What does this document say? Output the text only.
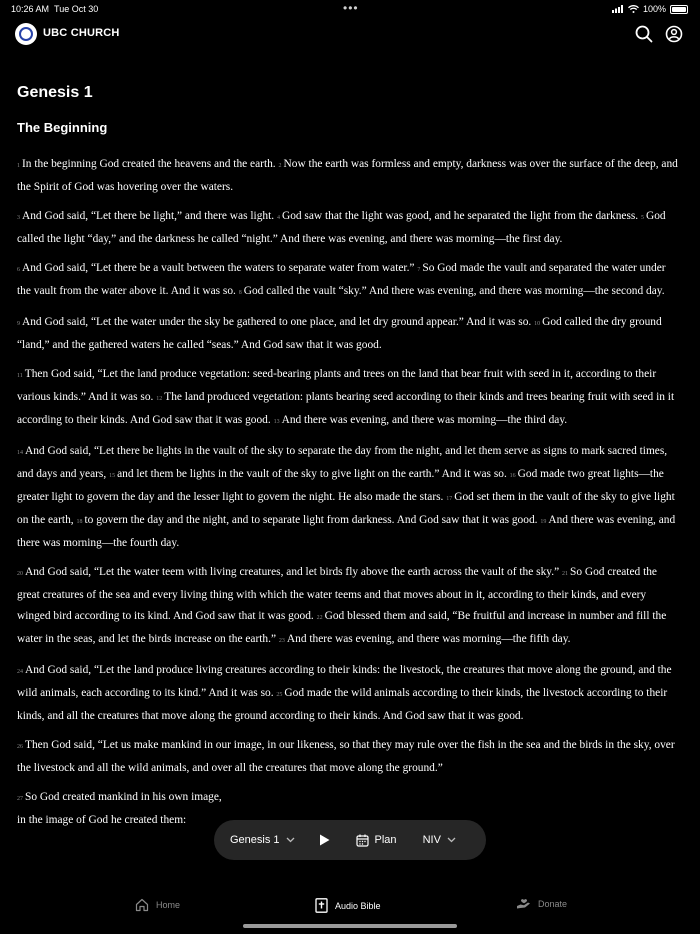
10:26 AM Tue Oct 30	•••	100%
UBC CHURCH
Genesis 1
The Beginning

1 In the beginning God created the heavens and the earth. 2 Now the earth was formless and empty, darkness was over the surface of the deep, and the Spirit of God was hovering over the waters.

3 And God said, “Let there be light,” and there was light. 4 God saw that the light was good, and he separated the light from the darkness. 5 God called the light “day,” and the darkness he called “night.” And there was evening, and there was morning—the first day.

6 And God said, “Let there be a vault between the waters to separate water from water.” 7 So God made the vault and separated the water under the vault from the water above it. And it was so. 8 God called the vault “sky.” And there was evening, and there was morning—the second day.

9 And God said, “Let the water under the sky be gathered to one place, and let dry ground appear.” And it was so. 10 God called the dry ground “land,” and the gathered waters he called “seas.” And God saw that it was good.

11 Then God said, “Let the land produce vegetation: seed-bearing plants and trees on the land that bear fruit with seed in it, according to their various kinds.” And it was so. 12 The land produced vegetation: plants bearing seed according to their kinds and trees bearing fruit with seed in it according to their kinds. And God saw that it was good. 13 And there was evening, and there was morning—the third day.

14 And God said, “Let there be lights in the vault of the sky to separate the day from the night, and let them serve as signs to mark sacred times, and days and years, 15 and let them be lights in the vault of the sky to give light on the earth.” And it was so. 16 God made two great lights—the greater light to govern the day and the lesser light to govern the night. He also made the stars. 17 God set them in the vault of the sky to give light on the earth, 18 to govern the day and the night, and to separate light from darkness. And God saw that it was good. 19 And there was evening, and there was morning—the fourth day.

20 And God said, “Let the water teem with living creatures, and let birds fly above the earth across the vault of the sky.” 21 So God created the great creatures of the sea and every living thing with which the water teems and that moves about in it, according to their kinds, and every winged bird according to its kind. And God saw that it was good. 22 God blessed them and said, “Be fruitful and increase in number and fill the water in the seas, and let the birds increase on the earth.” 23 And there was evening, and there was morning—the fifth day.

24 And God said, “Let the land produce living creatures according to their kinds: the livestock, the creatures that move along the ground, and the wild animals, each according to its kind.” And it was so. 25 God made the wild animals according to their kinds, the livestock according to their kinds, and all the creatures that move along the ground according to their kinds. And God saw that it was good.

26 Then God said, “Let us make mankind in our image, in our likeness, so that they may rule over the fish in the sea and the birds in the sky, over the livestock and all the wild animals, and over all the creatures that move along the ground.”

27 So God created mankind in his own image,

in the image of God he created them:
Genesis 1	Plan NIV
Home	Audio Bible	Donate
